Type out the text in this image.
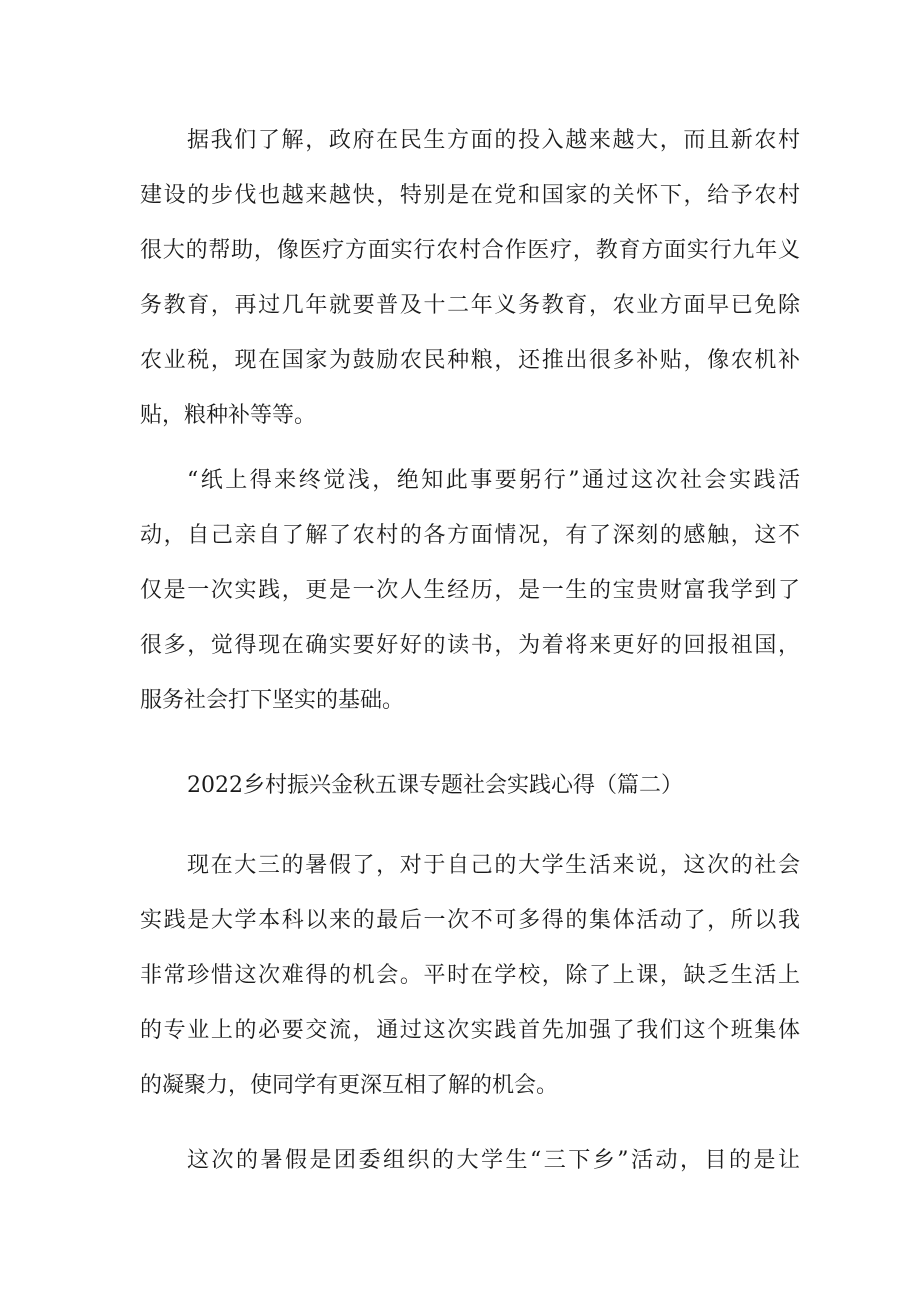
据我们了解，政府在民生方面的投入越来越大，而且新农村
建设的步伐也越来越快，特别是在党和国家的关怀下，给予农村
很大的帮助，像医疗方面实行农村合作医疗，教育方面实行九年义
务教育，再过几年就要普及十二年义务教育，农业方面早已免除
农业税，现在国家为鼓励农民种粮，还推出很多补贴，像农机补
贴，粮种补等等。
“纸上得来终觉浅，绝知此事要躬行”通过这次社会实践活
动，自己亲自了解了农村的各方面情况，有了深刻的感触，这不
仅是一次实践，更是一次人生经历，是一生的宝贵财富我学到了
很多，觉得现在确实要好好的读书，为着将来更好的回报祖国，
服务社会打下坚实的基础。
2022乡村振兴金秋五课专题社会实践心得（篇二）
现在大三的暑假了，对于自己的大学生活来说，这次的社会
实践是大学本科以来的最后一次不可多得的集体活动了，所以我
非常珍惜这次难得的机会。平时在学校，除了上课，缺乏生活上
的专业上的必要交流，通过这次实践首先加强了我们这个班集体
的凝聚力，使同学有更深互相了解的机会。
这次的暑假是团委组织的大学生“三下乡”活动，目的是让
